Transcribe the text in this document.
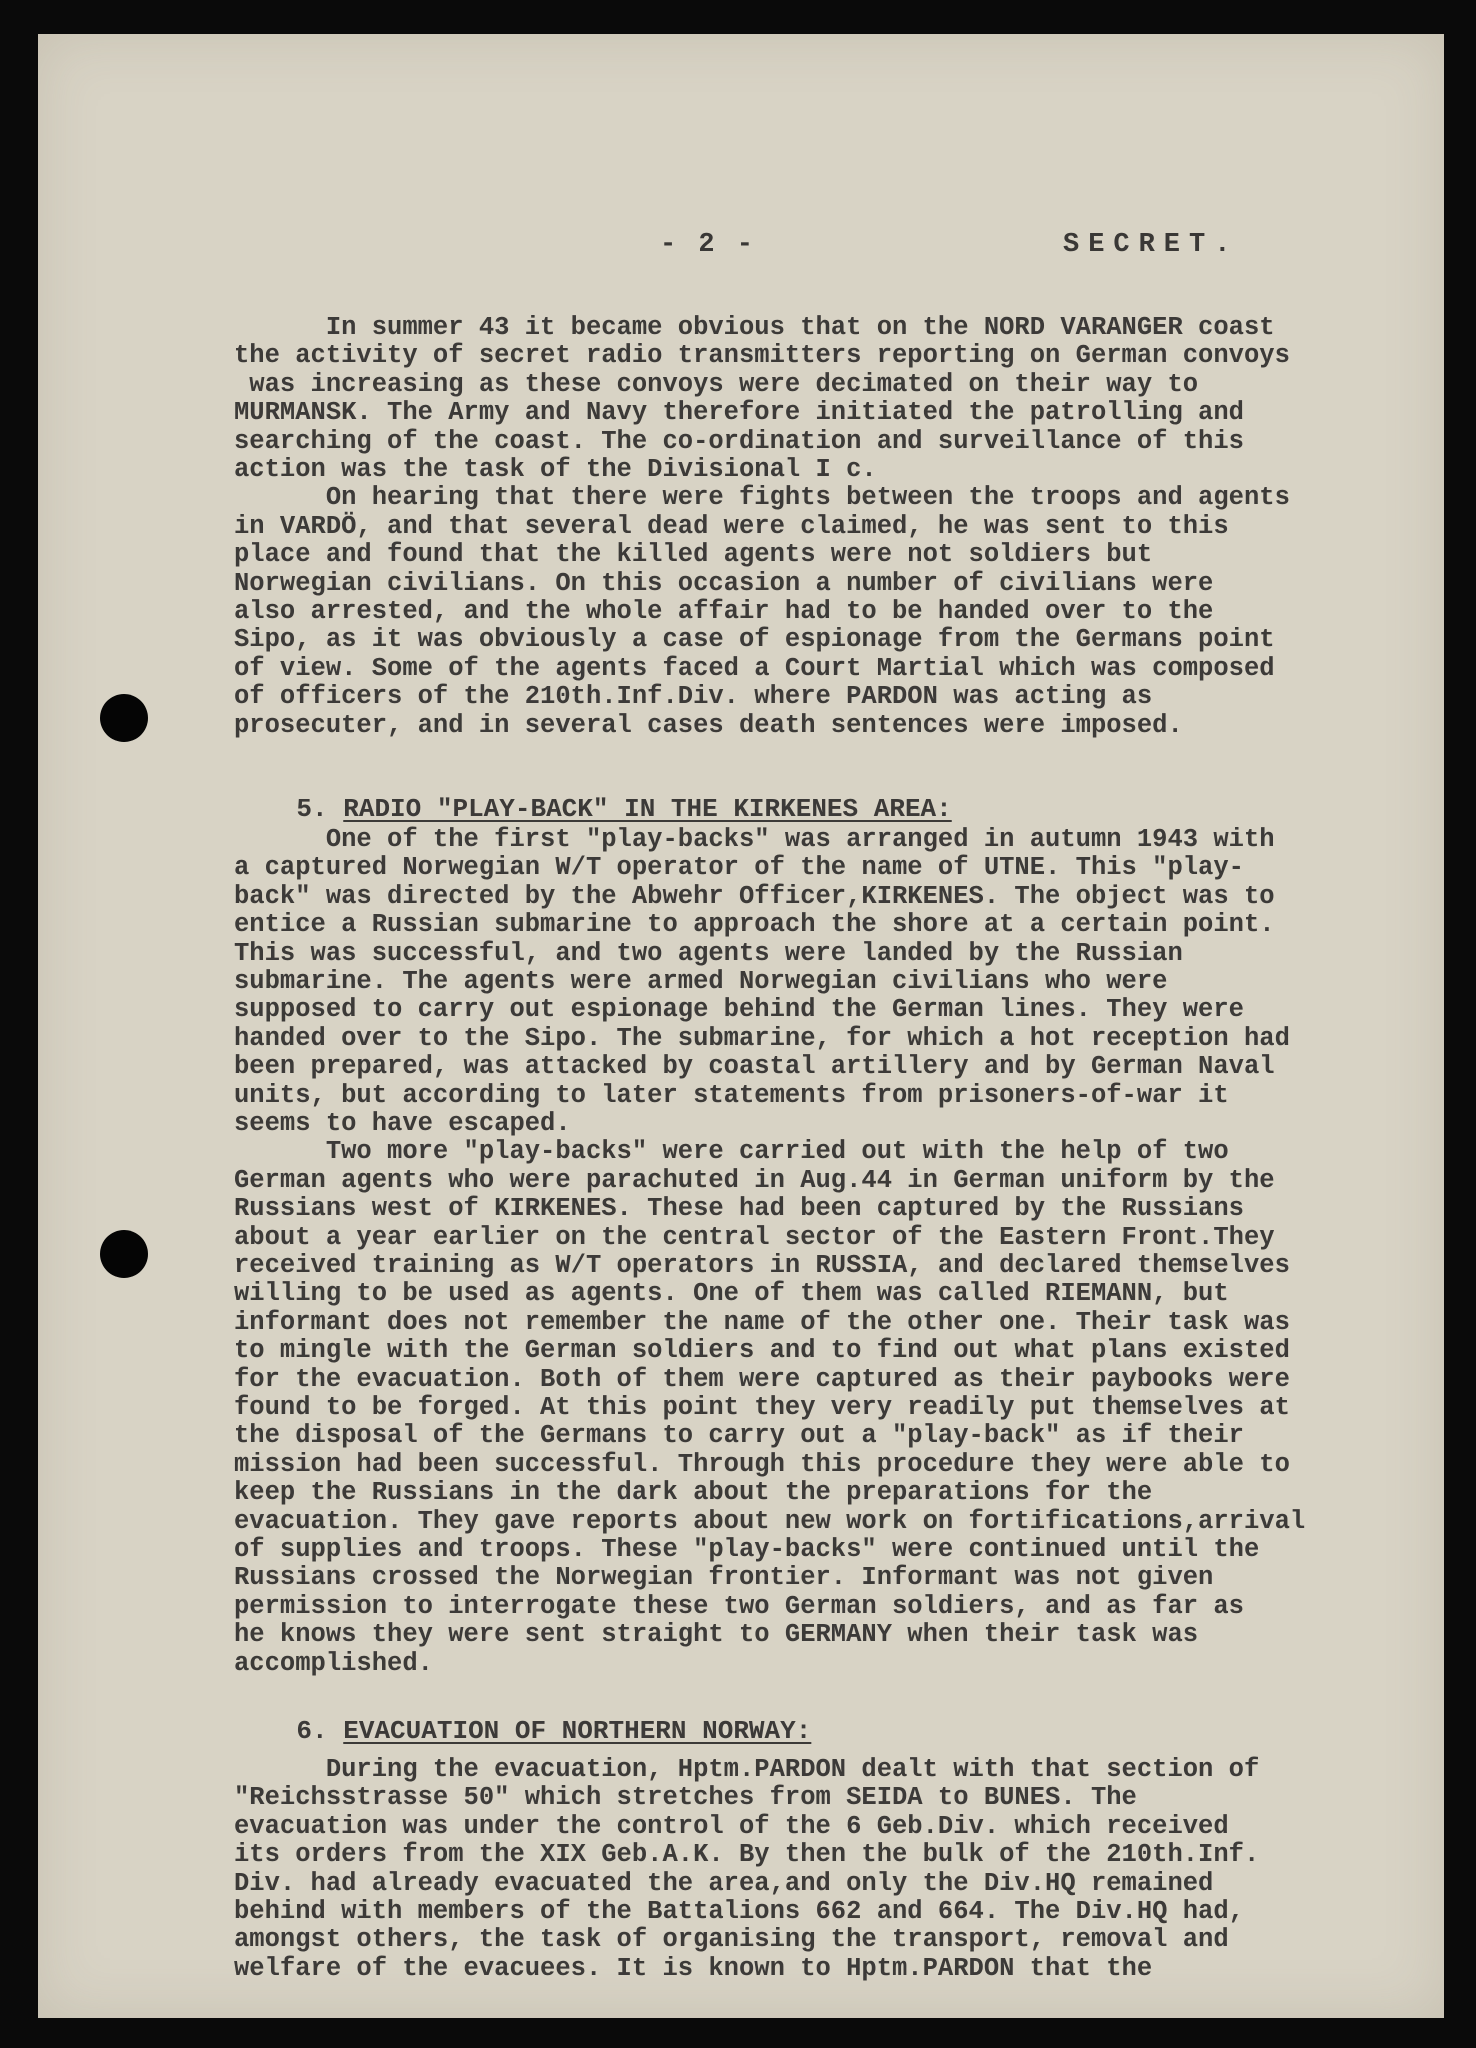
- 2 -	SECRET.
In summer 43 it became obvious that on the NORD VARANGER coast
the activity of secret radio transmitters reporting on German convoys
was increasing as these convoys were decimated on their way to
MURMANSK. The Army and Navy therefore initiated the patrolling and
searching of the coast. The co-ordination and surveillance of this
action was the task of the Divisional I c.
On hearing that there were fights between the troops and agents
in VARDÖ, and that several dead were claimed, he was sent to this
place and found that the killed agents were not soldiers but
Norwegian civilians. On this occasion a number of civilians were
also arrested, and the whole affair had to be handed over to the
Sipo, as it was obviously a case of espionage from the Germans point
of view. Some of the agents faced a Court Martial which was composed
of officers of the 210th.Inf.Div. where PARDON was acting as
prosecuter, and in several cases death sentences were imposed.

5. RADIO "PLAY-BACK" IN THE KIRKENES AREA:

One of the first "play-backs" was arranged in autumn 1943 with
a captured Norwegian W/T operator of the name of UTNE. This "play-
back" was directed by the Abwehr Officer,KIRKENES. The object was to
entice a Russian submarine to approach the shore at a certain point.
This was successful, and two agents were landed by the Russian
submarine. The agents were armed Norwegian civilians who were
supposed to carry out espionage behind the German lines. They were
handed over to the Sipo. The submarine, for which a hot reception had
been prepared, was attacked by coastal artillery and by German Naval
units, but according to later statements from prisoners-of-war it
seems to have escaped.
Two more "play-backs" were carried out with the help of two
German agents who were parachuted in Aug.44 in German uniform by the
Russians west of KIRKENES. These had been captured by the Russians
about a year earlier on the central sector of the Eastern Front.They
received training as W/T operators in RUSSIA, and declared themselves
willing to be used as agents. One of them was called RIEMANN, but
informant does not remember the name of the other one. Their task was
to mingle with the German soldiers and to find out what plans existed
for the evacuation. Both of them were captured as their paybooks were
found to be forged. At this point they very readily put themselves at
the disposal of the Germans to carry out a "play-back" as if their
mission had been successful. Through this procedure they were able to
keep the Russians in the dark about the preparations for the
evacuation. They gave reports about new work on fortifications,arrival
of supplies and troops. These "play-backs" were continued until the
Russians crossed the Norwegian frontier. Informant was not given
permission to interrogate these two German soldiers, and as far as
he knows they were sent straight to GERMANY when their task was
accomplished.

6. EVACUATION OF NORTHERN NORWAY:

During the evacuation, Hptm.PARDON dealt with that section of
"Reichsstrasse 50" which stretches from SEIDA to BUNES. The
evacuation was under the control of the 6 Geb.Div. which received
its orders from the XIX Geb.A.K. By then the bulk of the 210th.Inf.
Div. had already evacuated the area,and only the Div.HQ remained
behind with members of the Battalions 662 and 664. The Div.HQ had,
amongst others, the task of organising the transport, removal and
welfare of the evacuees. It is known to Hptm.PARDON that the
